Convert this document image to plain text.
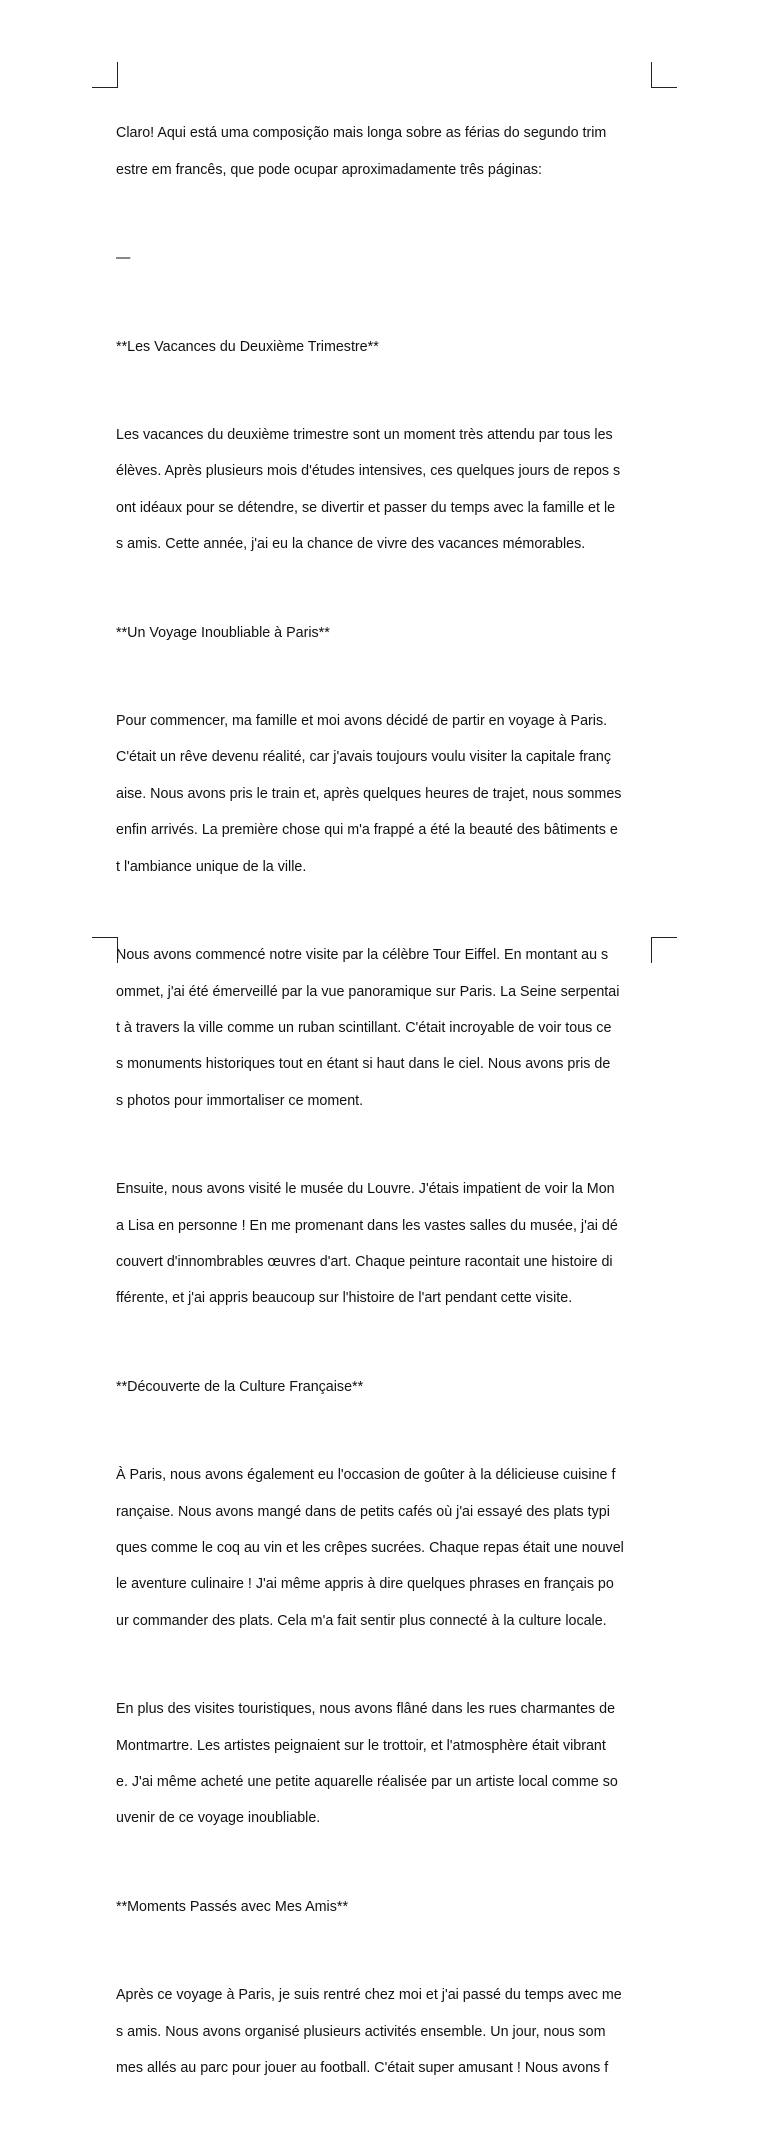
Claro! Aqui está uma composição mais longa sobre as férias do segundo trim

estre em francês, que pode ocupar aproximadamente três páginas:

—

**Les Vacances du Deuxième Trimestre**

Les vacances du deuxième trimestre sont un moment très attendu par tous les

élèves. Après plusieurs mois d'études intensives, ces quelques jours de repos s

ont idéaux pour se détendre, se divertir et passer du temps avec la famille et le

s amis. Cette année, j'ai eu la chance de vivre des vacances mémorables.

**Un Voyage Inoubliable à Paris**

Pour commencer, ma famille et moi avons décidé de partir en voyage à Paris.

C'était un rêve devenu réalité, car j'avais toujours voulu visiter la capitale franç

aise. Nous avons pris le train et, après quelques heures de trajet, nous sommes

enfin arrivés. La première chose qui m'a frappé a été la beauté des bâtiments e

t l'ambiance unique de la ville.

Nous avons commencé notre visite par la célèbre Tour Eiffel. En montant au s

ommet, j'ai été émerveillé par la vue panoramique sur Paris. La Seine serpentai

t à travers la ville comme un ruban scintillant. C'était incroyable de voir tous ce

s monuments historiques tout en étant si haut dans le ciel. Nous avons pris de

s photos pour immortaliser ce moment.

Ensuite, nous avons visité le musée du Louvre. J'étais impatient de voir la Mon

a Lisa en personne ! En me promenant dans les vastes salles du musée, j'ai dé

couvert d'innombrables œuvres d'art. Chaque peinture racontait une histoire di

fférente, et j'ai appris beaucoup sur l'histoire de l'art pendant cette visite.

**Découverte de la Culture Française**

À Paris, nous avons également eu l'occasion de goûter à la délicieuse cuisine f

rançaise. Nous avons mangé dans de petits cafés où j'ai essayé des plats typi

ques comme le coq au vin et les crêpes sucrées. Chaque repas était une nouvel

le aventure culinaire ! J'ai même appris à dire quelques phrases en français po

ur commander des plats. Cela m'a fait sentir plus connecté à la culture locale.

En plus des visites touristiques, nous avons flâné dans les rues charmantes de

Montmartre. Les artistes peignaient sur le trottoir, et l'atmosphère était vibrant

e. J'ai même acheté une petite aquarelle réalisée par un artiste local comme so

uvenir de ce voyage inoubliable.

**Moments Passés avec Mes Amis**

Après ce voyage à Paris, je suis rentré chez moi et j'ai passé du temps avec me

s amis. Nous avons organisé plusieurs activités ensemble. Un jour, nous som

mes allés au parc pour jouer au football. C'était super amusant ! Nous avons f
